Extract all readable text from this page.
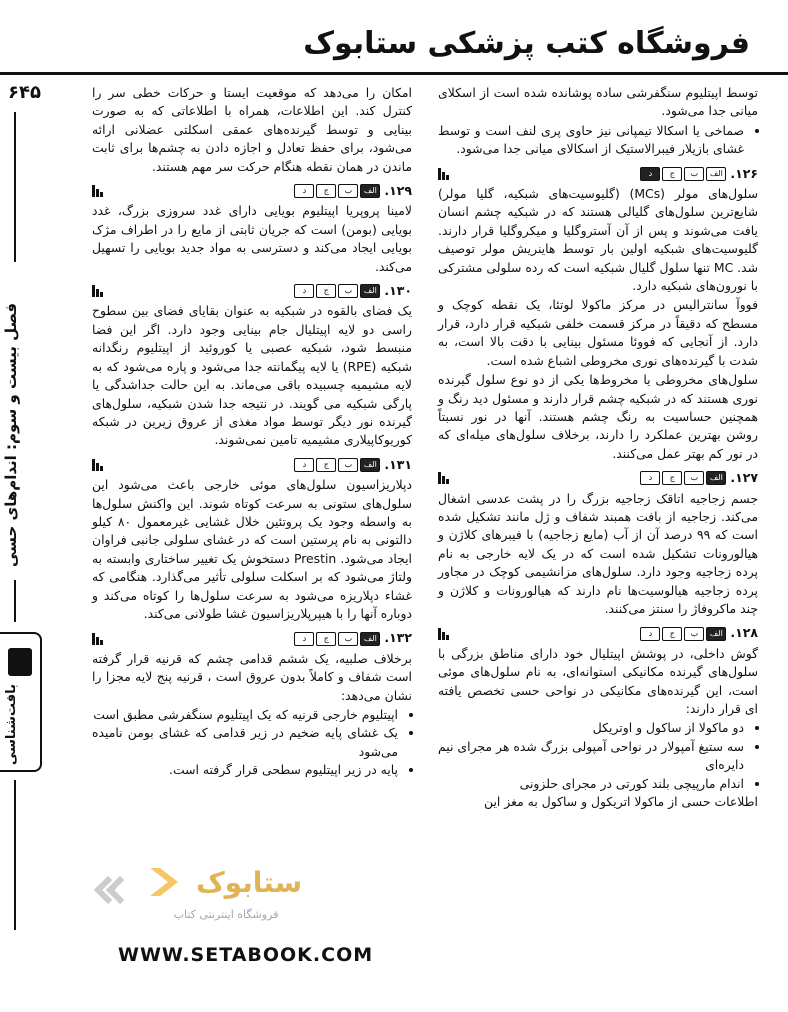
فروشگاه کتب پزشکی ستابوک
۶۴۵
فصل بیست و سوم: اندام‌های حسی
بافت‌شناسی

توسط اپیتلیوم سنگفرشی ساده پوشانده شده است از اسکلای میانی جدا می‌شود.

• صماخی یا اسکالا تیمپانی نیز حاوی پری لنف است و توسط غشای بازیلار فیبرالاستیک از اسکالای میانی جدا می‌شود.
۱۲۶.
الف
ب
ج
د

سلول‌های مولر (MCs) (گلیوسیت‌های شبکیه، گلیا مولر) شایع‌ترین سلول‌های گلیالی هستند که در شبکیه چشم انسان یافت می‌شوند و پس از آن آستروگلیا و میکروگلیا قرار دارند. گلیوسیت‌های شبکیه اولین بار توسط هاینریش مولر توصیف شد. MC تنها سلول گلیال شبکیه است که رده سلولی مشترکی با نورون‌های شبکیه دارد.

فووآ سانترالیس در مرکز ماکولا لوتئا، یک نقطه کوچک و مسطح که دقیقاً در مرکز قسمت خلفی شبکیه قرار دارد، قرار دارد. از آنجایی که فووئا مسئول بینایی با دقت بالا است، به شدت با گیرنده‌های نوری مخروطی اشباع شده است.

سلول‌های مخروطی یا مخروط‌ها یکی از دو نوع سلول گیرنده نوری هستند که در شبکیه چشم قرار دارند و مسئول دید رنگ و همچنین حساسیت به رنگ چشم هستند. آنها در نور نسبتاً روشن بهترین عملکرد را دارند، برخلاف سلول‌های میله‌ای که در نور کم بهتر عمل می‌کنند.

۱۲۷.
الف
ب
ج
د

جسم زجاجیه اتاقک زجاجیه بزرگ را در پشت عدسی اشغال می‌کند. زجاجیه از بافت همبند شفاف و ژل مانند تشکیل شده است که ۹۹ درصد آن از آب (مایع زجاجیه) با فیبرهای کلاژن و هیالورونات تشکیل شده است که در یک لایه خارجی به نام پرده زجاجیه وجود دارد. سلول‌های مزانشیمی کوچک در مجاور پرده زجاجیه هیالوسیت‌ها نام دارند که هیالورونات و کلاژن و چند ماکروفاژ را سنتز می‌کنند.

۱۲۸.
الف
ب
ج
د

گوش داخلی، در پوشش اپیتلیال خود دارای مناطق بزرگی با سلول‌های گیرنده مکانیکی استوانه‌ای، به نام سلول‌های موئی است، این گیرنده‌های مکانیکی در نواحی حسی تخصص یافته ای قرار دارند:

• دو ماکولا از ساکول و اوتریکل
• سه ستیغ آمپولار در نواحی آمپولی بزرگ شده هر مجرای نیم دایره‌ای
• اندام مارپیچی بلند کورتی در مجرای حلزونی

اطلاعات حسی از ماکولا اتریکول و ساکول به مغز این

امکان را می‌دهد که موقعیت ایستا و حرکات خطی سر را کنترل کند. این اطلاعات، همراه با اطلاعاتی که به صورت بینایی و توسط گیرنده‌های عمقی اسکلتی عضلانی ارائه می‌شود، برای حفظ تعادل و اجازه دادن به چشم‌ها برای ثابت ماندن در همان نقطه هنگام حرکت سر مهم هستند.

۱۲۹.
الف
ب
ج
د

لامینا پروپریا اپیتلیوم بویایی دارای غدد سروزی بزرگ، غدد بویایی (بومن) است که جریان ثابتی از مایع را در اطراف مژک بویایی ایجاد می‌کند و دسترسی به مواد جدید بویایی را تسهیل می‌کند.

۱۳۰.
الف
ب
ج
د

یک فضای بالقوه در شبکیه به عنوان بقایای فضای بین سطوح راسی دو لایه اپیتلیال جام بینایی وجود دارد. اگر این فضا منبسط شود، شبکیه عصبی یا کوروئید از اپیتلیوم رنگدانه شبکیه (RPE) یا لایه پیگمانته جدا می‌شود و پاره می‌شود که به لایه مشیمیه چسبیده باقی می‌ماند. به این حالت جداشدگی یا پارگی شبکیه می گویند. در نتیجه جدا شدن شبکیه، سلول‌های گیرنده نور دیگر توسط مواد مغذی از عروق زیرین در شبکه کوریوکاپیلاری مشیمیه تامین نمی‌شوند.

۱۳۱.
الف
ب
ج
د

دپلاریزاسیون سلول‌های موئی خارجی باعث می‌شود این سلول‌های ستونی به سرعت کوتاه شوند. این واکنش سلول‌ها به واسطه وجود یک پروتئین خلال غشایی غیرمعمول ۸۰ کیلو دالتونی به نام پرستین است که در غشای سلولی جانبی فراوان ایجاد می‌شود. Prestin دستخوش یک تغییر ساختاری وابسته به ولتاژ می‌شود که بر اسکلت سلولی تأثیر می‌گذارد. هنگامی که غشاء دپلاریزه می‌شود به سرعت سلول‌ها را کوتاه می‌کند و دوباره آنها را با هیپرپلاریزاسیون غشا طولانی می‌کند.

۱۳۲.
الف
ب
ج
د

برخلاف صلبیه، یک ششم قدامی چشم که قرنیه قرار گرفته است شفاف و کاملاً بدون عروق است ، قرنیه پنج لایه مجزا را نشان می‌دهد:

• اپیتلیوم خارجی قرنیه که یک اپیتلیوم سنگفرشی مطبق است
• یک غشای پایه ضخیم در زیر قدامی که غشای بومن نامیده می‌شود
• پایه در زیر اپیتلیوم سطحی قرار گرفته است.
ستابوک
فروشگاه اینترنتی کتاب
WWW.SETABOOK.COM
